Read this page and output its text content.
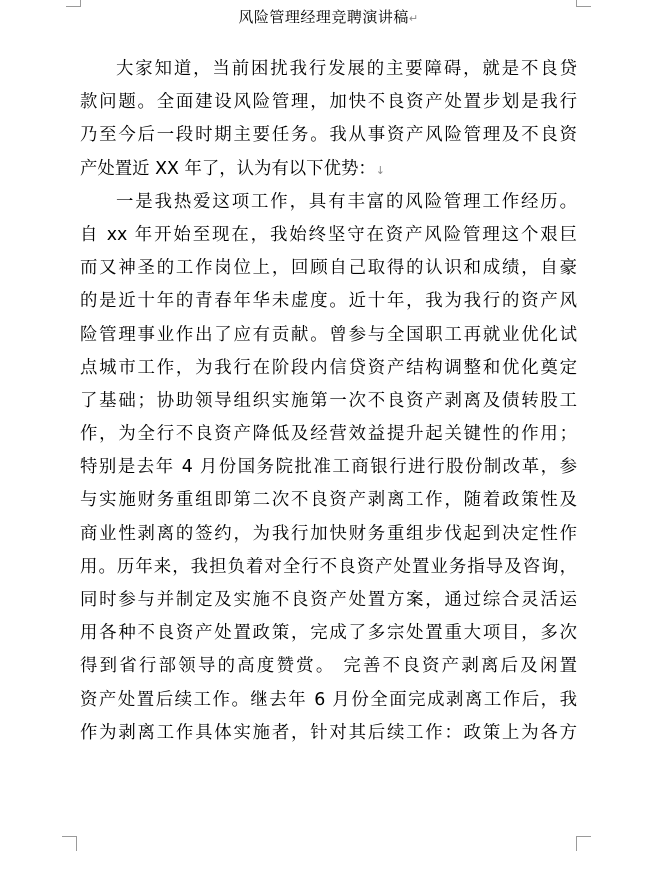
风险管理经理竞聘演讲稿↵
大家知道，当前困扰我行发展的主要障碍，就是不良贷
款问题。全面建设风险管理，加快不良资产处置步划是我行
乃至今后一段时期主要任务。我从事资产风险管理及不良资
产处置近 XX 年了，认为有以下优势：↓
一是我热爱这项工作，具有丰富的风险管理工作经历。
自 xx 年开始至现在，我始终坚守在资产风险管理这个艰巨
而又神圣的工作岗位上，回顾自己取得的认识和成绩，自豪
的是近十年的青春年华未虚度。近十年，我为我行的资产风
险管理事业作出了应有贡献。曾参与全国职工再就业优化试
点城市工作，为我行在阶段内信贷资产结构调整和优化奠定
了基础；协助领导组织实施第一次不良资产剥离及债转股工
作，为全行不良资产降低及经营效益提升起关键性的作用；
特别是去年 4 月份国务院批准工商银行进行股份制改革，参
与实施财务重组即第二次不良资产剥离工作，随着政策性及
商业性剥离的签约，为我行加快财务重组步伐起到决定性作
用。历年来，我担负着对全行不良资产处置业务指导及咨询，
同时参与并制定及实施不良资产处置方案，通过综合灵活运
用各种不良资产处置政策，完成了多宗处置重大项目，多次
得到省行部领导的高度赞赏。 完善不良资产剥离后及闲置
资产处置后续工作。继去年 6 月份全面完成剥离工作后，我
作为剥离工作具体实施者，针对其后续工作：政策上为各方
